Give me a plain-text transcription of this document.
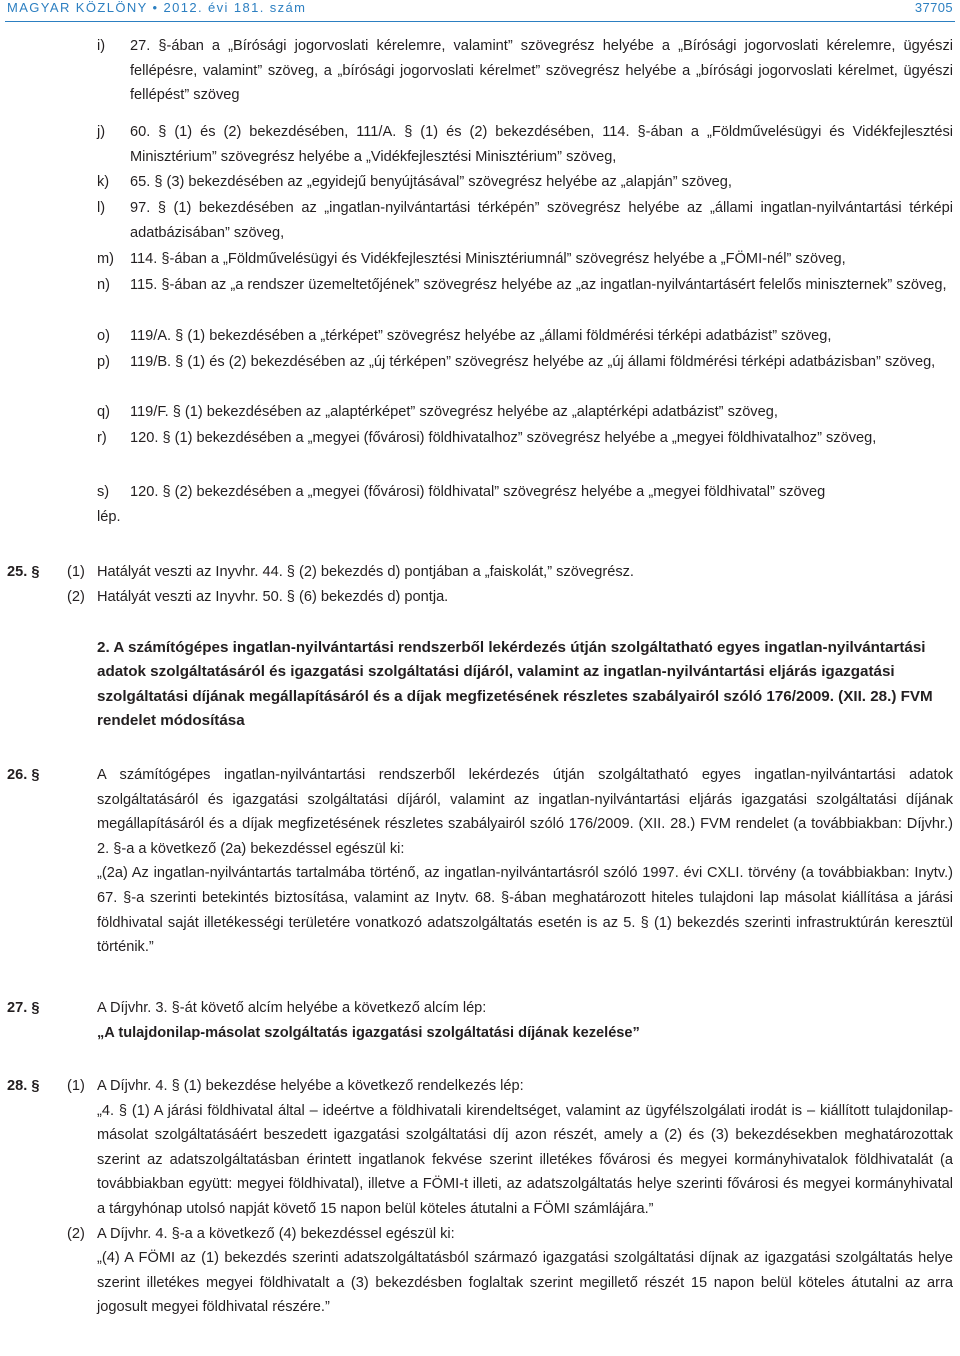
MAGYAR KÖZLÖNY • 2012. évi 181. szám	37705
i) 27. §-ában a „Bírósági jogorvoslati kérelemre, valamint” szövegrész helyébe a „Bírósági jogorvoslati kérelemre, ügyészi fellépésre, valamint” szöveg, a „bírósági jogorvoslati kérelmet” szövegrész helyébe a „bírósági jogorvoslati kérelmet, ügyészi fellépést” szöveg

j) 60. § (1) és (2) bekezdésében, 111/A. § (1) és (2) bekezdésében, 114. §-ában a „Földművelésügyi és Vidékfejlesztési Minisztérium” szövegrész helyébe a „Vidékfejlesztési Minisztérium” szöveg,

k) 65. § (3) bekezdésében az „egyidejű benyújtásával” szövegrész helyébe az „alapján” szöveg,

l) 97. § (1) bekezdésében az „ingatlan-nyilvántartási térképén” szövegrész helyébe az „állami ingatlan-nyilvántartási térképi adatbázisában” szöveg,

m) 114. §-ában a „Földművelésügyi és Vidékfejlesztési Minisztériumnál” szövegrész helyébe a „FÖMI-nél” szöveg,

n) 115. §-ában az „a rendszer üzemeltetőjének” szövegrész helyébe az „az ingatlan-nyilvántartásért felelős miniszternek” szöveg,

o) 119/A. § (1) bekezdésében a „térképet” szövegrész helyébe az „állami földmérési térképi adatbázist” szöveg,

p) 119/B. § (1) és (2) bekezdésében az „új térképen” szövegrész helyébe az „új állami földmérési térképi adatbázisban” szöveg,

q) 119/F. § (1) bekezdésében az „alaptérképet” szövegrész helyébe az „alaptérképi adatbázist” szöveg,

r) 120. § (1) bekezdésében a „megyei (fővárosi) földhivatalhoz” szövegrész helyébe a „megyei földhivatalhoz” szöveg,

s) 120. § (2) bekezdésében a „megyei (fővárosi) földhivatal” szövegrész helyébe a „megyei földhivatal” szöveg

lép.

25. § (1) Hatályát veszti az Inyvhr. 44. § (2) bekezdés d) pontjában a „faiskolát,” szövegrész.

(2) Hatályát veszti az Inyvhr. 50. § (6) bekezdés d) pontja.

2. A számítógépes ingatlan-nyilvántartási rendszerből lekérdezés útján szolgáltatható egyes ingatlan-nyilvántartási adatok szolgáltatásáról és igazgatási szolgáltatási díjáról, valamint az ingatlan-nyilvántartási eljárás igazgatási szolgáltatási díjának megállapításáról és a díjak megfizetésének részletes szabályairól szóló 176/2009. (XII. 28.) FVM rendelet módosítása
26. §	A számítógépes ingatlan-nyilvántartási rendszerből lekérdezés útján szolgáltatható egyes ingatlan-nyilvántartási adatok szolgáltatásáról és igazgatási szolgáltatási díjáról, valamint az ingatlan-nyilvántartási eljárás igazgatási szolgáltatási díjának megállapításáról és a díjak megfizetésének részletes szabályairól szóló 176/2009. (XII. 28.) FVM rendelet (a továbbiakban: Díjvhr.) 2. §-a a következő (2a) bekezdéssel egészül ki:

„(2a) Az ingatlan-nyilvántartás tartalmába történő, az ingatlan-nyilvántartásról szóló 1997. évi CXLI. törvény (a továbbiakban: Inytv.) 67. §-a szerinti betekintés biztosítása, valamint az Inytv. 68. §-ában meghatározott hiteles tulajdoni lap másolat kiállítása a járási földhivatal saját illetékességi területére vonatkozó adatszolgáltatás esetén is az 5. § (1) bekezdés szerinti infrastruktúrán keresztül történik.”

27. §	A Díjvhr. 3. §-át követő alcím helyébe a következő alcím lép:

„A tulajdonilap-másolat szolgáltatás igazgatási szolgáltatási díjának kezelése”

28. § (1) A Díjvhr. 4. § (1) bekezdése helyébe a következő rendelkezés lép:

„4. § (1) A járási földhivatal által – ideértve a földhivatali kirendeltséget, valamint az ügyfélszolgálati irodát is – kiállított tulajdonilap-másolat szolgáltatásáért beszedett igazgatási szolgáltatási díj azon részét, amely a (2) és (3) bekezdésekben meghatározottak szerint az adatszolgáltatásban érintett ingatlanok fekvése szerint illetékes fővárosi és megyei kormányhivatalok földhivatalát (a továbbiakban együtt: megyei földhivatal), illetve a FÖMI-t illeti, az adatszolgáltatás helye szerinti fővárosi és megyei kormányhivatal a tárgyhónap utolsó napját követő 15 napon belül köteles átutalni a FÖMI számlájára.”

(2) A Díjvhr. 4. §-a a következő (4) bekezdéssel egészül ki:

„(4) A FÖMI az (1) bekezdés szerinti adatszolgáltatásból származó igazgatási szolgáltatási díjnak az igazgatási szolgáltatás helye szerint illetékes megyei földhivatalt a (3) bekezdésben foglaltak szerint megillető részét 15 napon belül köteles átutalni az arra jogosult megyei földhivatal részére.”
